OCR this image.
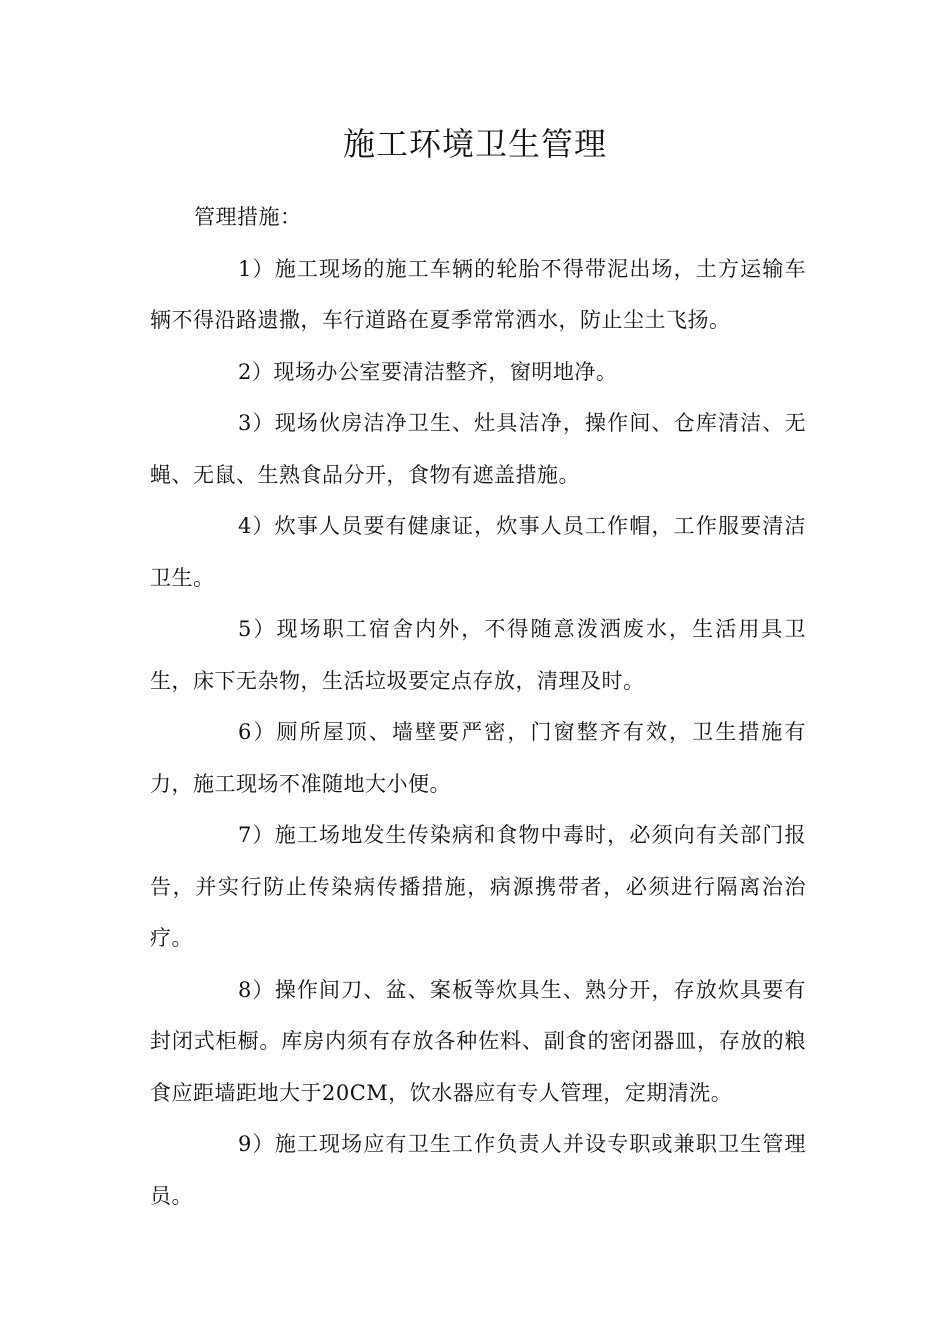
施工环境卫生管理

管理措施：

1）施工现场的施工车辆的轮胎不得带泥出场，土方运输车辆不得沿路遗撒，车行道路在夏季常常洒水，防止尘土飞扬。

2）现场办公室要清洁整齐，窗明地净。

3）现场伙房洁净卫生、灶具洁净，操作间、仓库清洁、无蝇、无鼠、生熟食品分开，食物有遮盖措施。

4）炊事人员要有健康证，炊事人员工作帽，工作服要清洁卫生。

5）现场职工宿舍内外，不得随意泼洒废水，生活用具卫生，床下无杂物，生活垃圾要定点存放，清理及时。

6）厕所屋顶、墙壁要严密，门窗整齐有效，卫生措施有力，施工现场不准随地大小便。

7）施工场地发生传染病和食物中毒时，必须向有关部门报告，并实行防止传染病传播措施，病源携带者，必须进行隔离治治疗。

8）操作间刀、盆、案板等炊具生、熟分开，存放炊具要有封闭式柜橱。库房内须有存放各种佐料、副食的密闭器皿，存放的粮食应距墙距地大于20CM，饮水器应有专人管理，定期清洗。

9）施工现场应有卫生工作负责人并设专职或兼职卫生管理员。
